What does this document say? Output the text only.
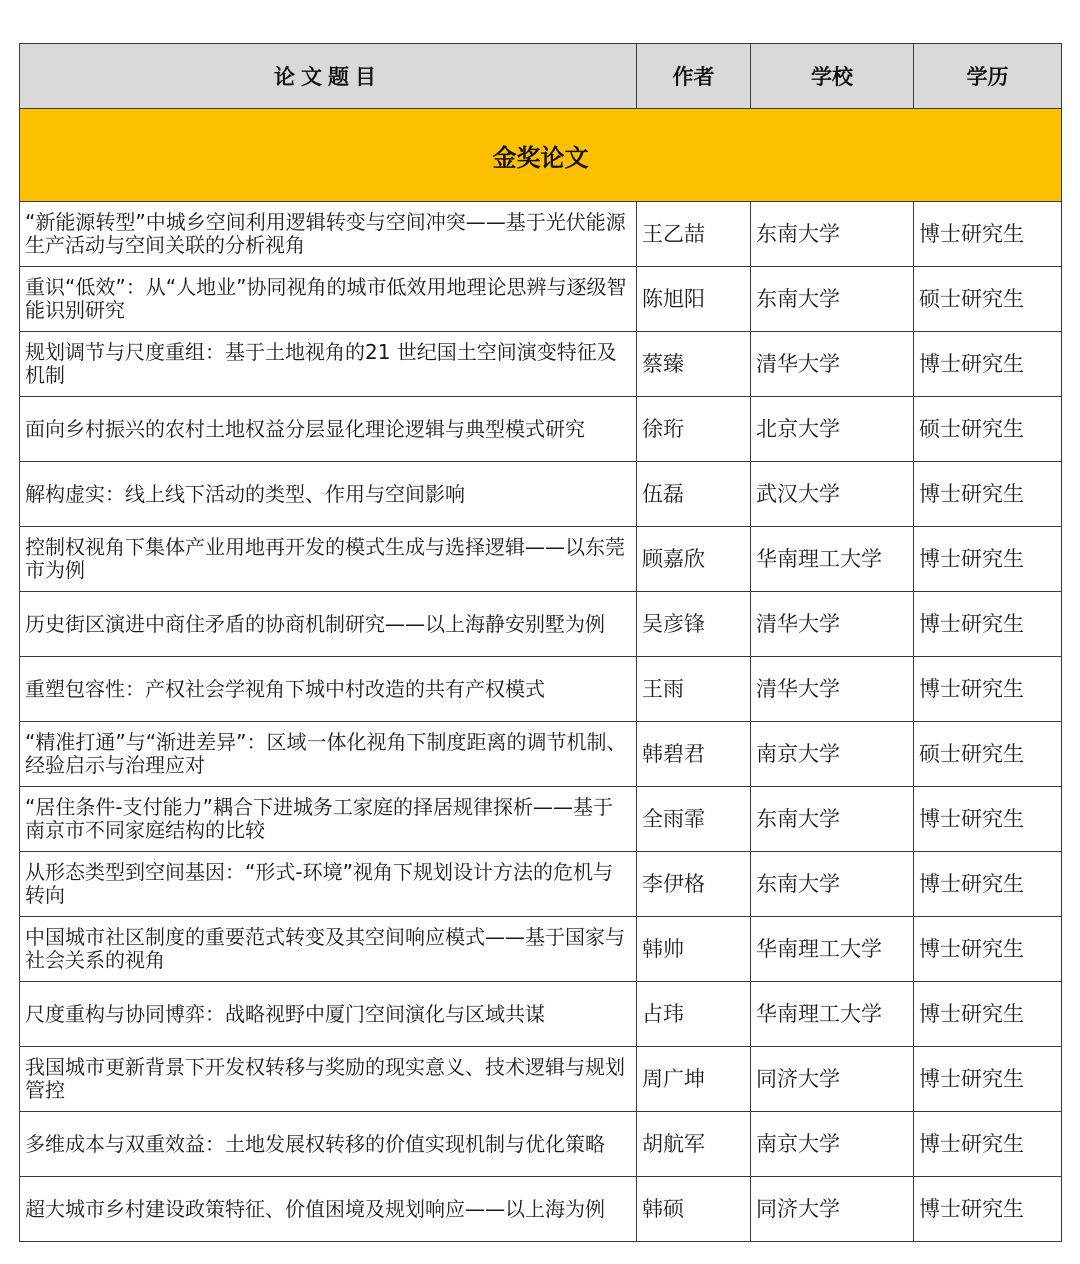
论文题目	作者	学校	学历
金奖论文			
“新能源转型”中城乡空间利用逻辑转变与空间冲突——基于光伏能源生产活动与空间关联的分析视角	王乙喆	东南大学	博士研究生
重识“低效”：从“人地业”协同视角的城市低效用地理论思辨与逐级智能识别研究	陈旭阳	东南大学	硕士研究生
规划调节与尺度重组：基于土地视角的21 世纪国土空间演变特征及机制	蔡臻	清华大学	博士研究生
面向乡村振兴的农村土地权益分层显化理论逻辑与典型模式研究	徐珩	北京大学	硕士研究生
解构虚实：线上线下活动的类型、作用与空间影响	伍磊	武汉大学	博士研究生
控制权视角下集体产业用地再开发的模式生成与选择逻辑——以东莞市为例	顾嘉欣	华南理工大学	博士研究生
历史街区演进中商住矛盾的协商机制研究——以上海静安别墅为例	吴彦锋	清华大学	博士研究生
重塑包容性：产权社会学视角下城中村改造的共有产权模式	王雨	清华大学	博士研究生
“精准打通”与“渐进差异”：区域一体化视角下制度距离的调节机制、经验启示与治理应对	韩碧君	南京大学	硕士研究生
“居住条件-支付能力”耦合下进城务工家庭的择居规律探析——基于南京市不同家庭结构的比较	全雨霏	东南大学	博士研究生
从形态类型到空间基因：“形式-环境”视角下规划设计方法的危机与转向	李伊格	东南大学	博士研究生
中国城市社区制度的重要范式转变及其空间响应模式——基于国家与社会关系的视角	韩帅	华南理工大学	博士研究生
尺度重构与协同博弈：战略视野中厦门空间演化与区域共谋	占玮	华南理工大学	博士研究生
我国城市更新背景下开发权转移与奖励的现实意义、技术逻辑与规划管控	周广坤	同济大学	博士研究生
多维成本与双重效益：土地发展权转移的价值实现机制与优化策略	胡航军	南京大学	博士研究生
超大城市乡村建设政策特征、价值困境及规划响应——以上海为例	韩硕	同济大学	博士研究生
